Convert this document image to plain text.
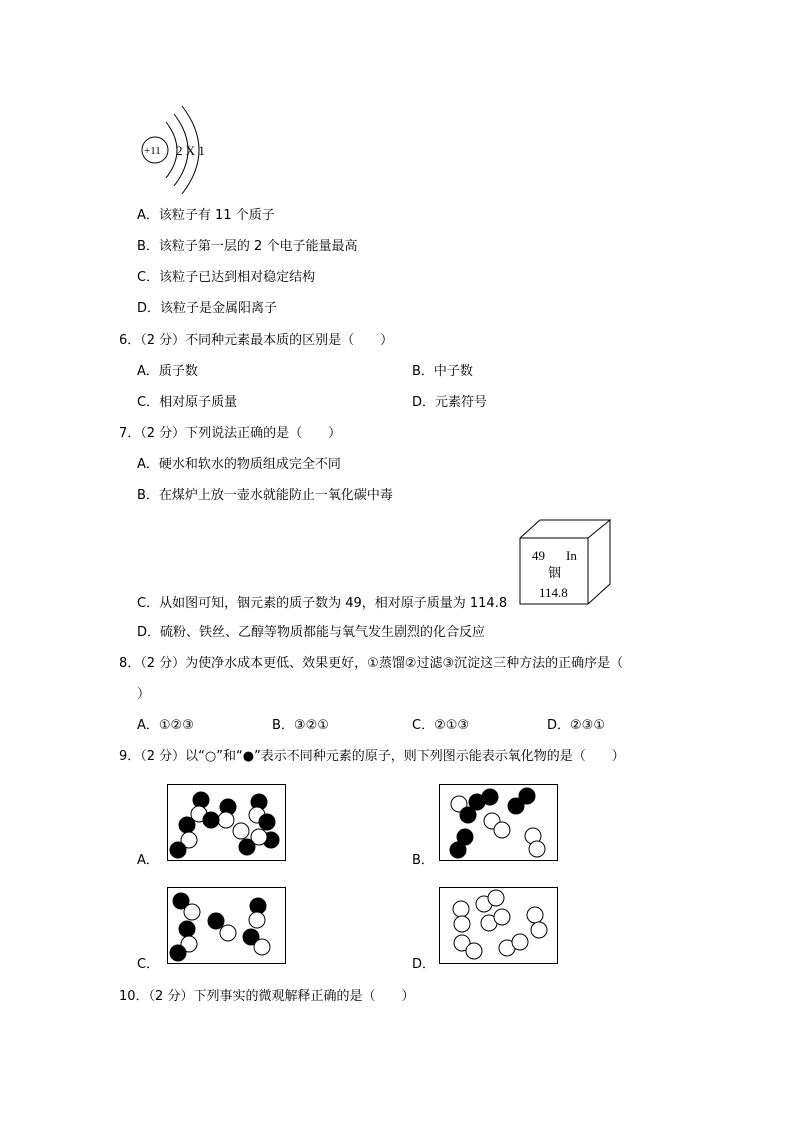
+11 2 X 1
A．该粒子有 11 个质子
B．该粒子第一层的 2 个电子能量最高
C．该粒子已达到相对稳定结构
D．该粒子是金属阳离子
6．（2 分）不同种元素最本质的区别是（　　）
A．质子数	B．中子数
C．相对原子质量	D．元素符号
7．（2 分）下列说法正确的是（　　）
A．硬水和软水的物质组成完全不同
B．在煤炉上放一壶水就能防止一氧化碳中毒
49 In
铟
114.8
C．从如图可知，铟元素的质子数为 49，相对原子质量为 114.8
D．硫粉、铁丝、乙醇等物质都能与氧气发生剧烈的化合反应
8．（2 分）为使净水成本更低、效果更好，①蒸馏②过滤③沉淀这三种方法的正确序是（
）
A．①②③	B．③②①	C．②①③	D．②③①
9．（2 分）以“○”和“●”表示不同种元素的原子，则下列图示能表示氧化物的是（　　）
A．	B．
C．	D．
10．（2 分）下列事实的微观解释正确的是（　　）
